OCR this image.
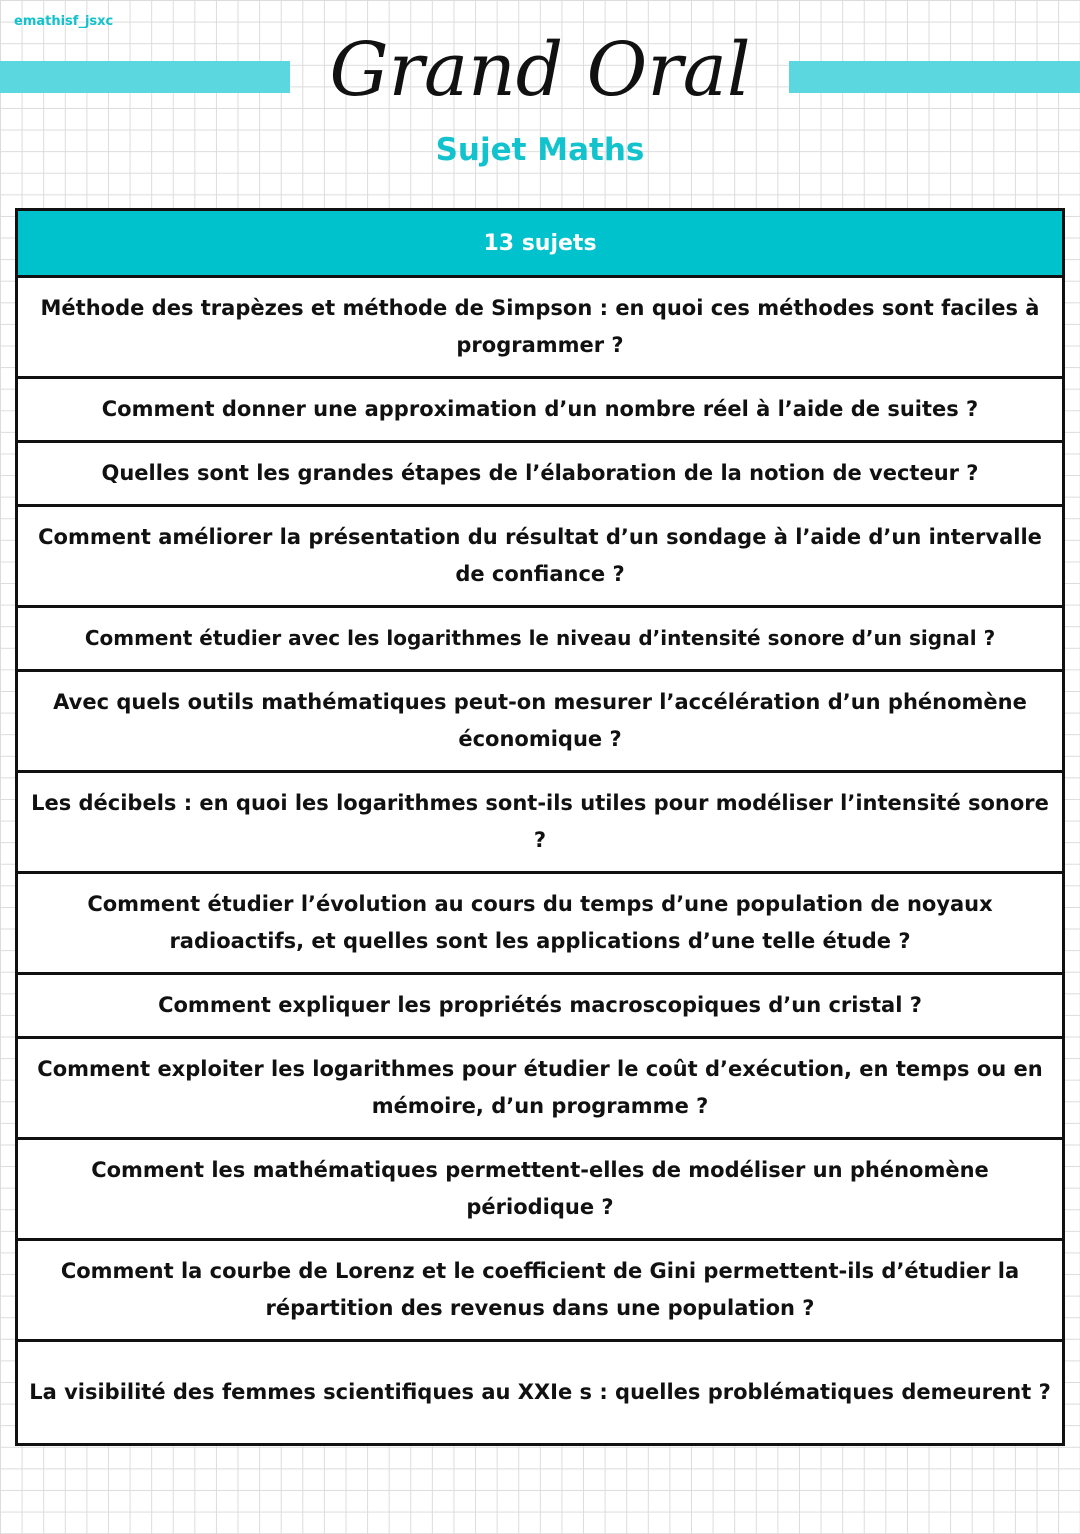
emathisf_jsxc
Grand Oral
Sujet Maths
13 sujets
Méthode des trapèzes et méthode de Simpson : en quoi ces méthodes sont faciles à programmer ?
Comment donner une approximation d’un nombre réel à l’aide de suites ?
Quelles sont les grandes étapes de l’élaboration de la notion de vecteur ?
Comment améliorer la présentation du résultat d’un sondage à l’aide d’un intervalle de confiance ?
Comment étudier avec les logarithmes le niveau d’intensité sonore d’un signal ?
Avec quels outils mathématiques peut-on mesurer l’accélération d’un phénomène économique ?
Les décibels : en quoi les logarithmes sont-ils utiles pour modéliser l’intensité sonore ?
Comment étudier l’évolution au cours du temps d’une population de noyaux radioactifs, et quelles sont les applications d’une telle étude ?
Comment expliquer les propriétés macroscopiques d’un cristal ?
Comment exploiter les logarithmes pour étudier le coût d’exécution, en temps ou en mémoire, d’un programme ?
Comment les mathématiques permettent-elles de modéliser un phénomène périodique ?
Comment la courbe de Lorenz et le coefficient de Gini permettent-ils d’étudier la répartition des revenus dans une population ?
La visibilité des femmes scientifiques au XXIe s : quelles problématiques demeurent ?
